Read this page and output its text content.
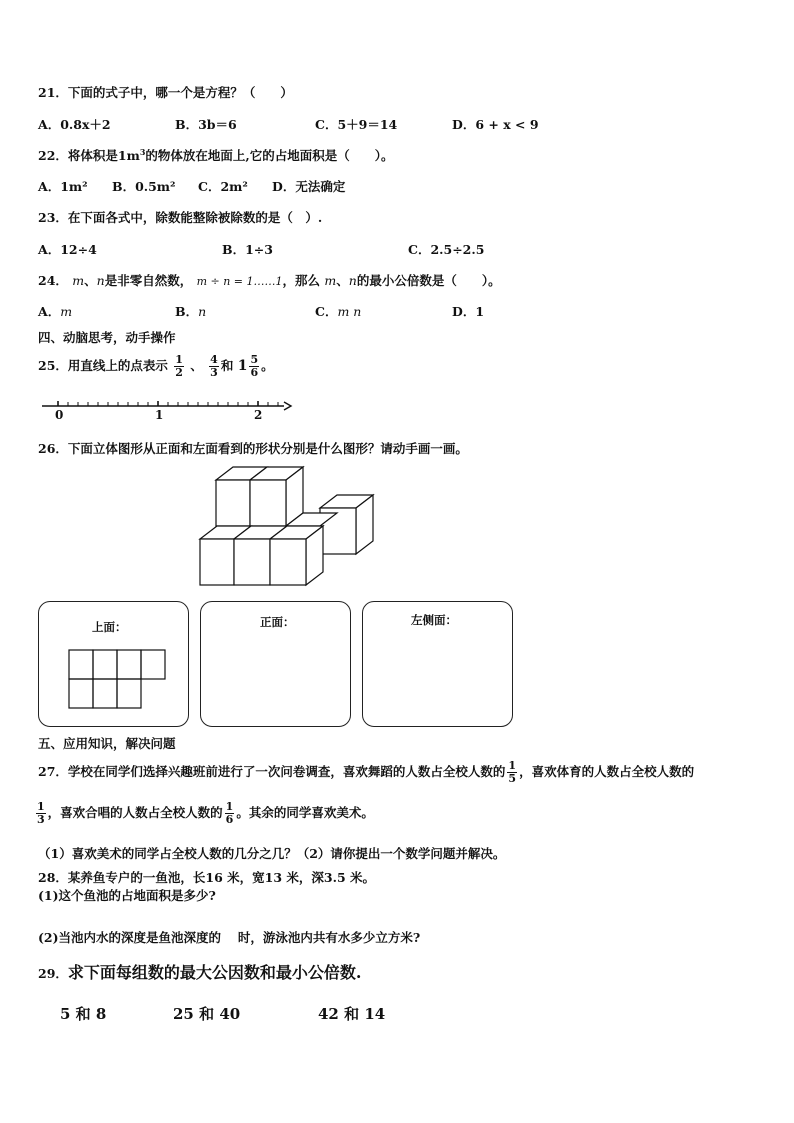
21．下面的式子中，哪一个是方程？（　　）
A．0.8x＋2	B．3b＝6	C．5＋9＝14	D．6 + x < 9
22．将体积是$1m^3$的物体放在地面上,它的占地面积是（　　）。
A．1m² B．0.5m² C．2m² D．无法确定
23．在下面各式中，除数能整除被除数的是（　）.
A．12÷4	B．1÷3	C．2.5÷2.5
24． m、n是非零自然数， m ÷ n = 1……1，那么 m、n的最小公倍数是（　　）。
A．m	B．n	C．m n	D．1
四、动脑思考，动手操作
25．用直线上的点表示 $\frac{1}{2}$ 、 $\frac{4}{3}$ 和 $1 \frac{5}{6}$ 。
0	1	2
26．下面立体图形从正面和左面看到的形状分别是什么图形？请动手画一画。
上面：	正面：	左侧面：
五、应用知识，解决问题
27．学校在同学们选择兴趣班前进行了一次问卷调查，喜欢舞蹈的人数占全校人数的 $\frac{1}{5}$ ，喜欢体育的人数占全校人数的
$\frac{1}{3}$ ，喜欢合唱的人数占全校人数的 $\frac{1}{6}$ 。其余的同学喜欢美术。
（1）喜欢美术的同学占全校人数的几分之几？（2）请你提出一个数学问题并解决。
28．某养鱼专户的一鱼池，长16 米，宽13 米，深3.5 米。
(1)这个鱼池的占地面积是多少?
(2)当池内水的深度是鱼池深度的　 时，游泳池内共有水多少立方米?
29．求下面每组数的最大公因数和最小公倍数.
5 和 8	25 和 40	42 和 14
